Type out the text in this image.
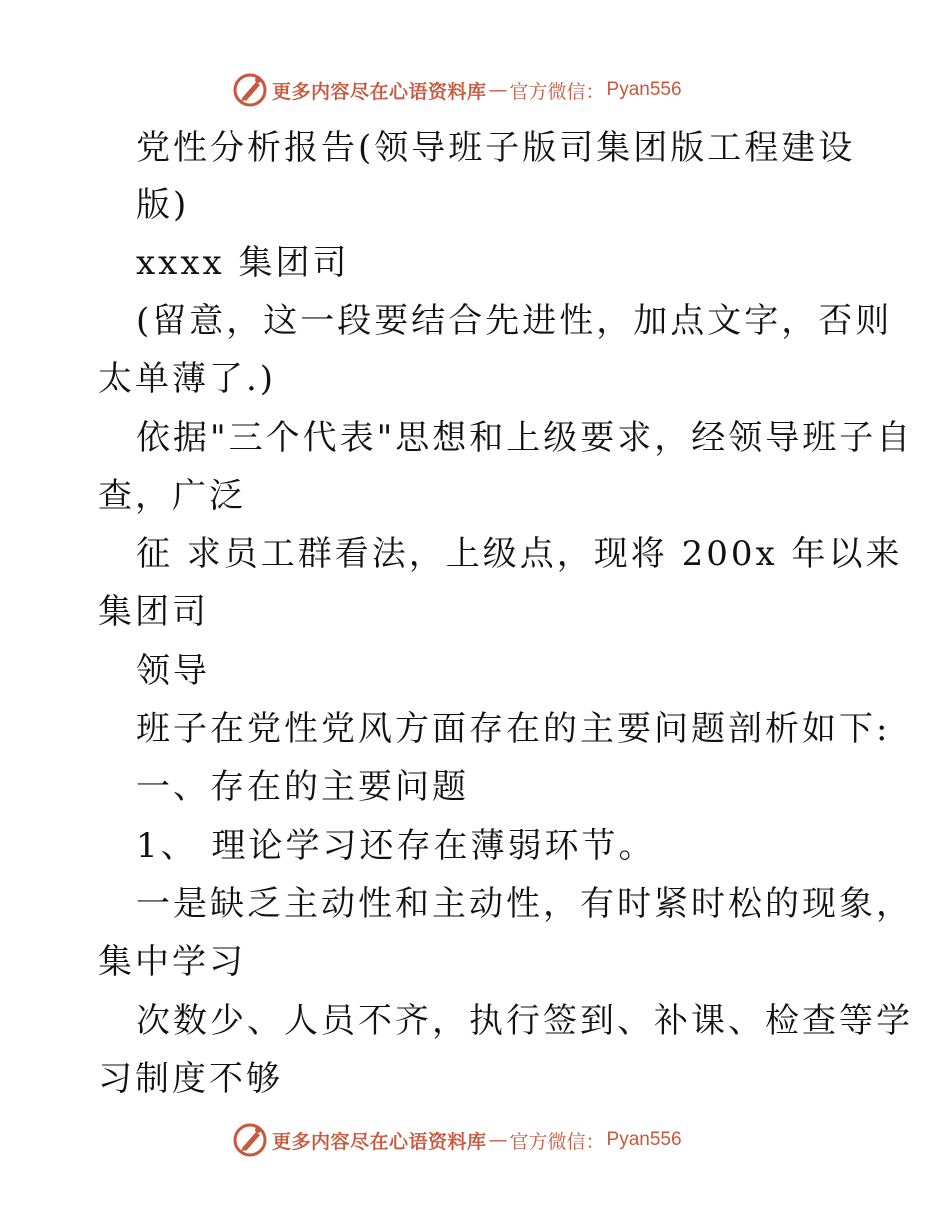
更多内容尽在心语资料库 — 官方微信： Pyan556
党性分析报告(领导班子版司集团版工程建设
版)
xxxx 集团司
(留意，这一段要结合先进性，加点文字，否则
太单薄了.)
依据"三个代表"思想和上级要求，经领导班子自
查，广泛
征 求员工群看法，上级点，现将 200x 年以来
集团司
领导
班子在党性党风方面存在的主要问题剖析如下:
一、存在的主要问题
1、 理论学习还存在薄弱环节。
一是缺乏主动性和主动性，有时紧时松的现象，
集中学习
次数少、人员不齐，执行签到、补课、检查等学
习制度不够
更多内容尽在心语资料库 — 官方微信： Pyan556
